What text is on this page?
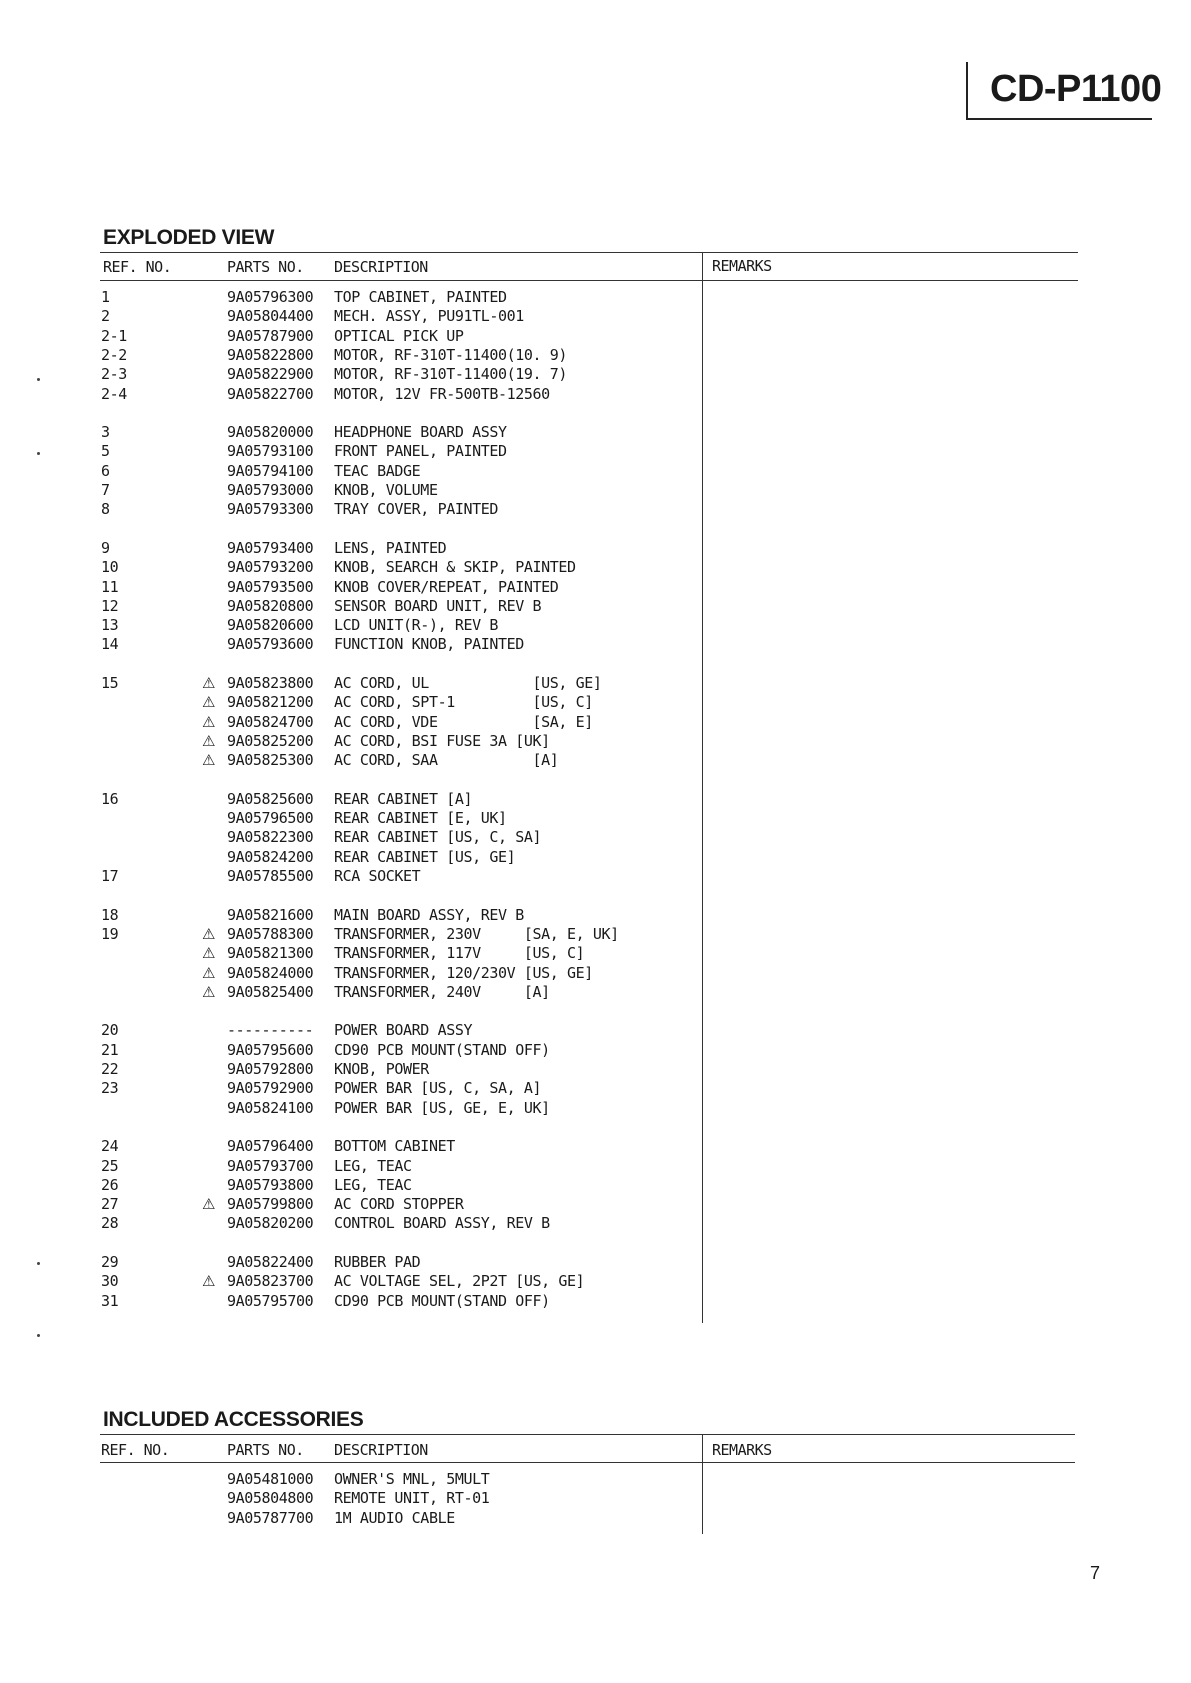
CD-P1100
EXPLODED VIEW
REF. NO.	PARTS NO. DESCRIPTION	REMARKS
1	9A05796300	TOP CABINET, PAINTED
2	9A05804400	MECH. ASSY, PU91TL-001
2-1	9A05787900	OPTICAL PICK UP
2-2	9A05822800	MOTOR, RF-310T-11400(10. 9)
2-3	9A05822900	MOTOR, RF-310T-11400(19. 7)
2-4	9A05822700	MOTOR, 12V FR-500TB-12560
3	9A05820000	HEADPHONE BOARD ASSY
5	9A05793100	FRONT PANEL, PAINTED
6	9A05794100	TEAC BADGE
7	9A05793000	KNOB, VOLUME
8	9A05793300	TRAY COVER, PAINTED
9	9A05793400	LENS, PAINTED
10	9A05793200	KNOB, SEARCH & SKIP, PAINTED
11	9A05793500	KNOB COVER/REPEAT, PAINTED
12	9A05820800	SENSOR BOARD UNIT, REV B
13	9A05820600	LCD UNIT(R-), REV B
14	9A05793600	FUNCTION KNOB, PAINTED
15	⚠ 9A05823800	AC CORD, UL            [US, GE]
⚠ 9A05821200	AC CORD, SPT-1         [US, C]
⚠ 9A05824700	AC CORD, VDE           [SA, E]
⚠ 9A05825200	AC CORD, BSI FUSE 3A [UK]
⚠ 9A05825300	AC CORD, SAA           [A]
16	9A05825600	REAR CABINET [A]
9A05796500	REAR CABINET [E, UK]
9A05822300	REAR CABINET [US, C, SA]
9A05824200	REAR CABINET [US, GE]
17	9A05785500	RCA SOCKET
18	9A05821600	MAIN BOARD ASSY, REV B
19	⚠ 9A05788300	TRANSFORMER, 230V     [SA, E, UK]
⚠ 9A05821300	TRANSFORMER, 117V     [US, C]
⚠ 9A05824000	TRANSFORMER, 120/230V [US, GE]
⚠ 9A05825400	TRANSFORMER, 240V     [A]
20	----------	POWER BOARD ASSY
21	9A05795600	CD90 PCB MOUNT(STAND OFF)
22	9A05792800	KNOB, POWER
23	9A05792900	POWER BAR [US, C, SA, A]
9A05824100	POWER BAR [US, GE, E, UK]
24	9A05796400	BOTTOM CABINET
25	9A05793700	LEG, TEAC
26	9A05793800	LEG, TEAC
27	⚠ 9A05799800	AC CORD STOPPER
28	9A05820200	CONTROL BOARD ASSY, REV B
29	9A05822400	RUBBER PAD
30	⚠ 9A05823700	AC VOLTAGE SEL, 2P2T [US, GE]
31	9A05795700	CD90 PCB MOUNT(STAND OFF)
INCLUDED ACCESSORIES
REF. NO.	PARTS NO. DESCRIPTION	REMARKS
9A05481000	OWNER'S MNL, 5MULT
9A05804800	REMOTE UNIT, RT-01
9A05787700	1M AUDIO CABLE
7
